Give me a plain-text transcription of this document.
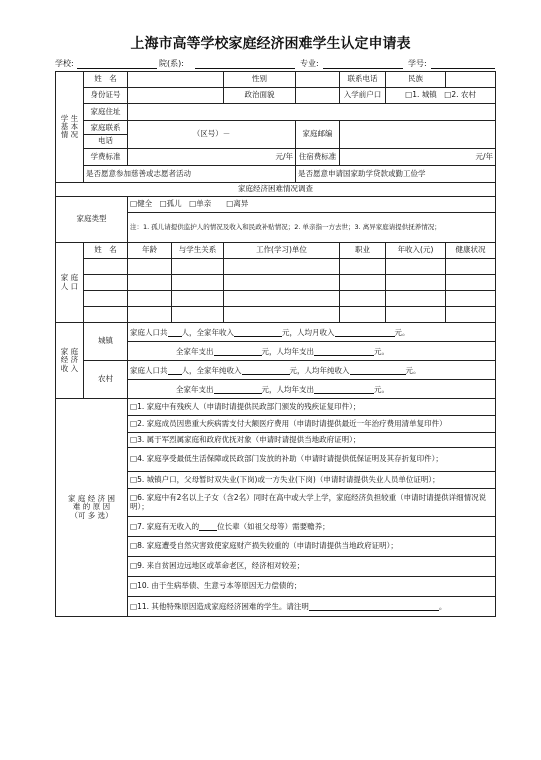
上海市高等学校家庭经济困难学生认定申请表
学校:	院(系):	专业:	学号:
学 生 基 本 情 况	姓　名			性别		联系电话	民族	
	身份证号			政治面貌		入学前户口	□1. 城镇　□2. 农村	
	家庭住址							

	家庭联系
电话	（区号）－			家庭邮编			
	学费标准	元/年			住宿费标准	元/年		
	是否愿意参加慈善或志愿者活动				是否愿意申请国家助学贷款或勤工俭学			
家庭经济困难情况调查								
家庭类型		□健全　□孤儿　□单亲　　□离异						
		注：1. 孤儿请提供监护人的情况及收入和民政补贴情况；2. 单亲指一方去世；3. 离异家庭请提供抚养情况；						
家 庭 人 口	姓　名	年龄	与学生关系	工作(学习)单位		职业	年收入(元)	健康状况

家 庭 经 济 收 入	城镇	家庭人口共 人，全家年收入 元，人均月收入 元。						
		全家年支出 元，人均年支出 元。						
	农村	家庭人口共 人，全家年纯收入 元，人均年纯收入 元。						
		全家年支出 元，人均年支出 元。						
家 庭 经 济 困 难 的 原 因（可 多 选）		□1. 家庭中有残疾人（申请时请提供民政部门颁发的残疾证复印件）；						
		□2. 家庭成员因患重大疾病需支付大额医疗费用（申请时请提供最近一年治疗费用清单复印件）						
		□3. 属于军烈属家庭和政府优抚对象（申请时请提供当地政府证明）；						
		□4. 家庭享受最低生活保障或民政部门发放的补助（申请时请提供低保证明及其存折复印件）；						
		□5. 城镇户口，父母暂时双失业(下岗)或一方失业(下岗)（申请时请提供失业人员单位证明）；						
		□6. 家庭中有2名以上子女（含2名）同时在高中或大学上学，家庭经济负担较重（申请时请提供详细情况说明）；						
		□7. 家庭有无收入的 位长辈（如祖父母等）需要赡养；						
		□8. 家庭遭受自然灾害致使家庭财产损失较重的（申请时请提供当地政府证明）；						
		□9. 来自贫困边远地区或革命老区，经济相对较差；						
		□10. 由于生病举债、生意亏本等原因无力偿债的；						
		□11. 其他特殊原因造成家庭经济困难的学生。请注明 。						
